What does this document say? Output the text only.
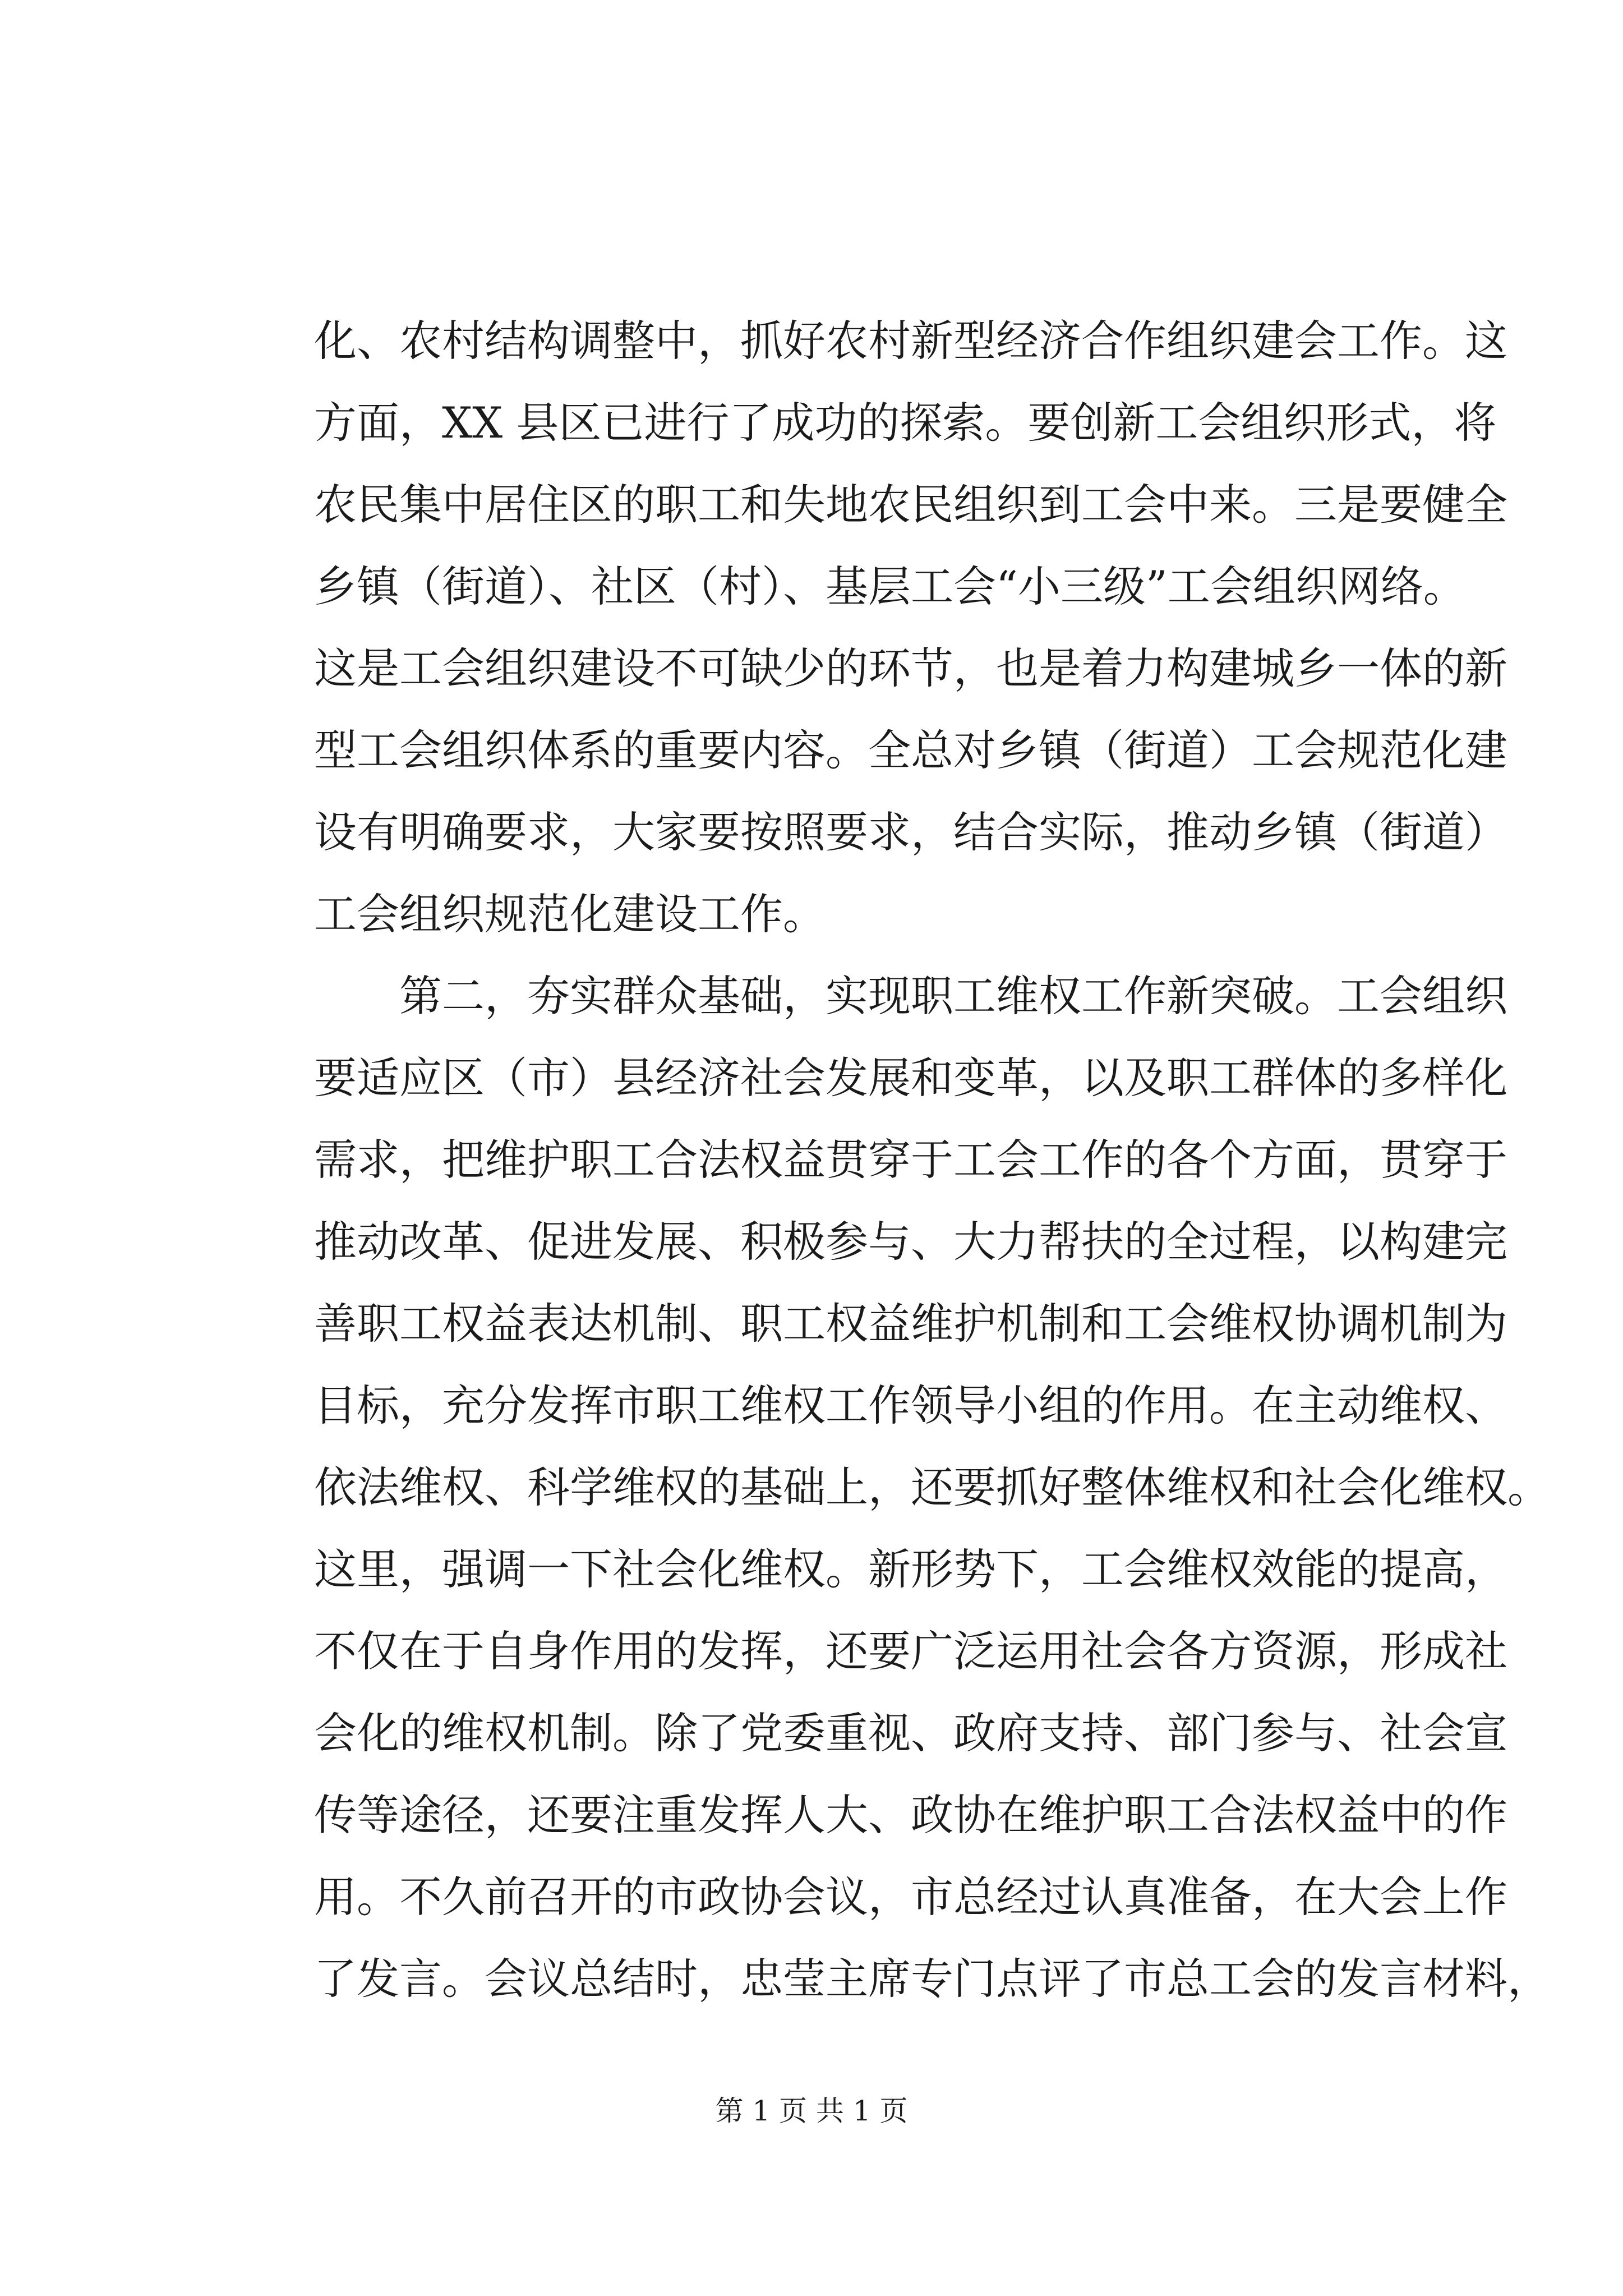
化、农村结构调整中，抓好农村新型经济合作组织建会工作。这
方面，XX 县区已进行了成功的探索。要创新工会组织形式，将
农民集中居住区的职工和失地农民组织到工会中来。三是要健全
乡镇（街道）、社区（村）、基层工会“小三级”工会组织网络。
这是工会组织建设不可缺少的环节，也是着力构建城乡一体的新
型工会组织体系的重要内容。全总对乡镇（街道）工会规范化建
设有明确要求，大家要按照要求，结合实际，推动乡镇（街道）
工会组织规范化建设工作。
第二，夯实群众基础，实现职工维权工作新突破。工会组织
要适应区（市）县经济社会发展和变革，以及职工群体的多样化
需求，把维护职工合法权益贯穿于工会工作的各个方面，贯穿于
推动改革、促进发展、积极参与、大力帮扶的全过程，以构建完
善职工权益表达机制、职工权益维护机制和工会维权协调机制为
目标，充分发挥市职工维权工作领导小组的作用。在主动维权、
依法维权、科学维权的基础上，还要抓好整体维权和社会化维权。
这里，强调一下社会化维权。新形势下，工会维权效能的提高，
不仅在于自身作用的发挥，还要广泛运用社会各方资源，形成社
会化的维权机制。除了党委重视、政府支持、部门参与、社会宣
传等途径，还要注重发挥人大、政协在维护职工合法权益中的作
用。不久前召开的市政协会议，市总经过认真准备，在大会上作
了发言。会议总结时，忠莹主席专门点评了市总工会的发言材料，
第 1 页 共 1 页
